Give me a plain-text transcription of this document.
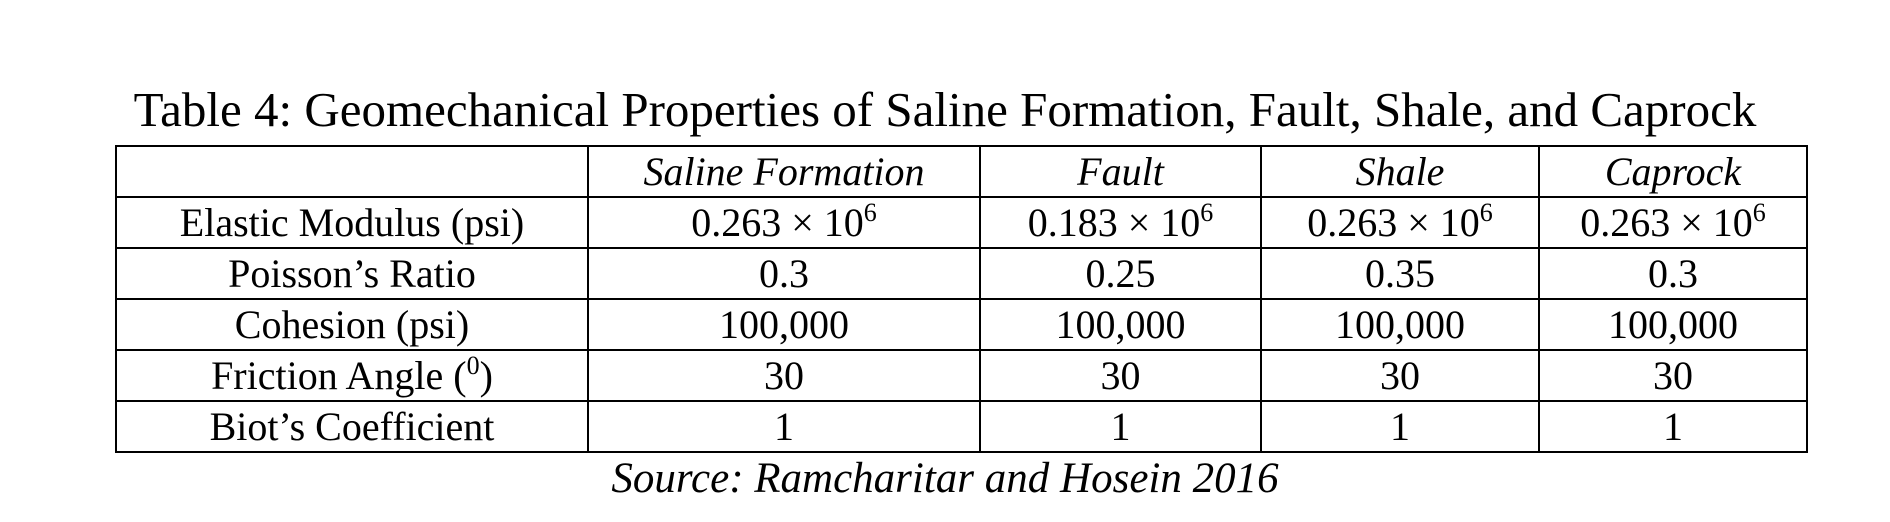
Table 4: Geomechanical Properties of Saline Formation, Fault, Shale, and Caprock
	Saline Formation	Fault	Shale	Caprock
Elastic Modulus (psi)	$0.263 \times 10^6$	$0.183 \times 10^6$	$0.263 \times 10^6$	$0.263 \times 10^6$
Poisson’s Ratio	0.3	0.25	0.35	0.3
Cohesion (psi)	100,000	100,000	100,000	100,000
Friction Angle ($^0$)	30	30	30	30
Biot’s Coefficient	1	1	1	1
Source: Ramcharitar and Hosein 2016
